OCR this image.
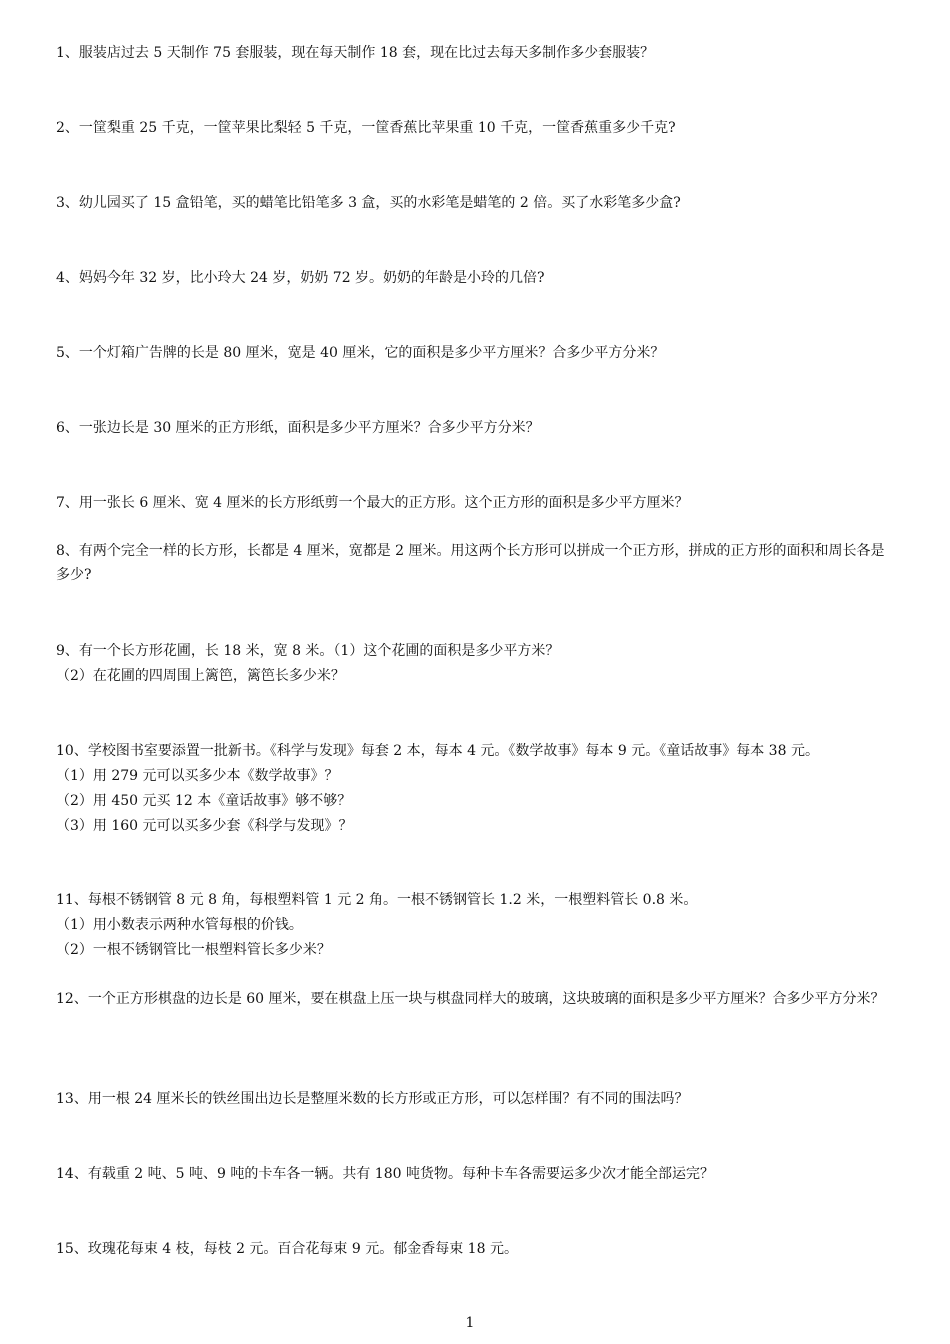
1、服装店过去 5 天制作 75 套服装，现在每天制作 18 套，现在比过去每天多制作多少套服装？
2、一筐梨重 25 千克，一筐苹果比梨轻 5 千克，一筐香蕉比苹果重 10 千克，一筐香蕉重多少千克?
3、幼儿园买了 15 盒铅笔，买的蜡笔比铅笔多 3 盒，买的水彩笔是蜡笔的 2 倍。买了水彩笔多少盒?
4、妈妈今年 32 岁，比小玲大 24 岁，奶奶 72 岁。奶奶的年龄是小玲的几倍?
5、一个灯箱广告牌的长是 80 厘米，宽是 40 厘米，它的面积是多少平方厘米？合多少平方分米？
6、一张边长是 30 厘米的正方形纸，面积是多少平方厘米？合多少平方分米？
7、用一张长 6 厘米、宽 4 厘米的长方形纸剪一个最大的正方形。这个正方形的面积是多少平方厘米？
8、有两个完全一样的长方形，长都是 4 厘米，宽都是 2 厘米。用这两个长方形可以拼成一个正方形，拼成的正方形的面积和周长各是多少?
9、有一个长方形花圃，长 18 米，宽 8 米。（1）这个花圃的面积是多少平方米？
（2）在花圃的四周围上篱笆，篱笆长多少米？
10、学校图书室要添置一批新书。《科学与发现》每套 2 本，每本 4 元。《数学故事》每本 9 元。《童话故事》每本 38 元。
（1）用 279 元可以买多少本《数学故事》？
（2）用 450 元买 12 本《童话故事》够不够？
（3）用 160 元可以买多少套《科学与发现》？
11、每根不锈钢管 8 元 8 角，每根塑料管 1 元 2 角。一根不锈钢管长 1.2 米，一根塑料管长 0.8 米。
（1）用小数表示两种水管每根的价钱。
（2）一根不锈钢管比一根塑料管长多少米？
12、一个正方形棋盘的边长是 60 厘米，要在棋盘上压一块与棋盘同样大的玻璃，这块玻璃的面积是多少平方厘米？合多少平方分米？
13、用一根 24 厘米长的铁丝围出边长是整厘米数的长方形或正方形，可以怎样围？有不同的围法吗？
14、有载重 2 吨、5 吨、9 吨的卡车各一辆。共有 180 吨货物。每种卡车各需要运多少次才能全部运完？
15、玫瑰花每束 4 枝，每枝 2 元。百合花每束 9 元。郁金香每束 18 元。
1
